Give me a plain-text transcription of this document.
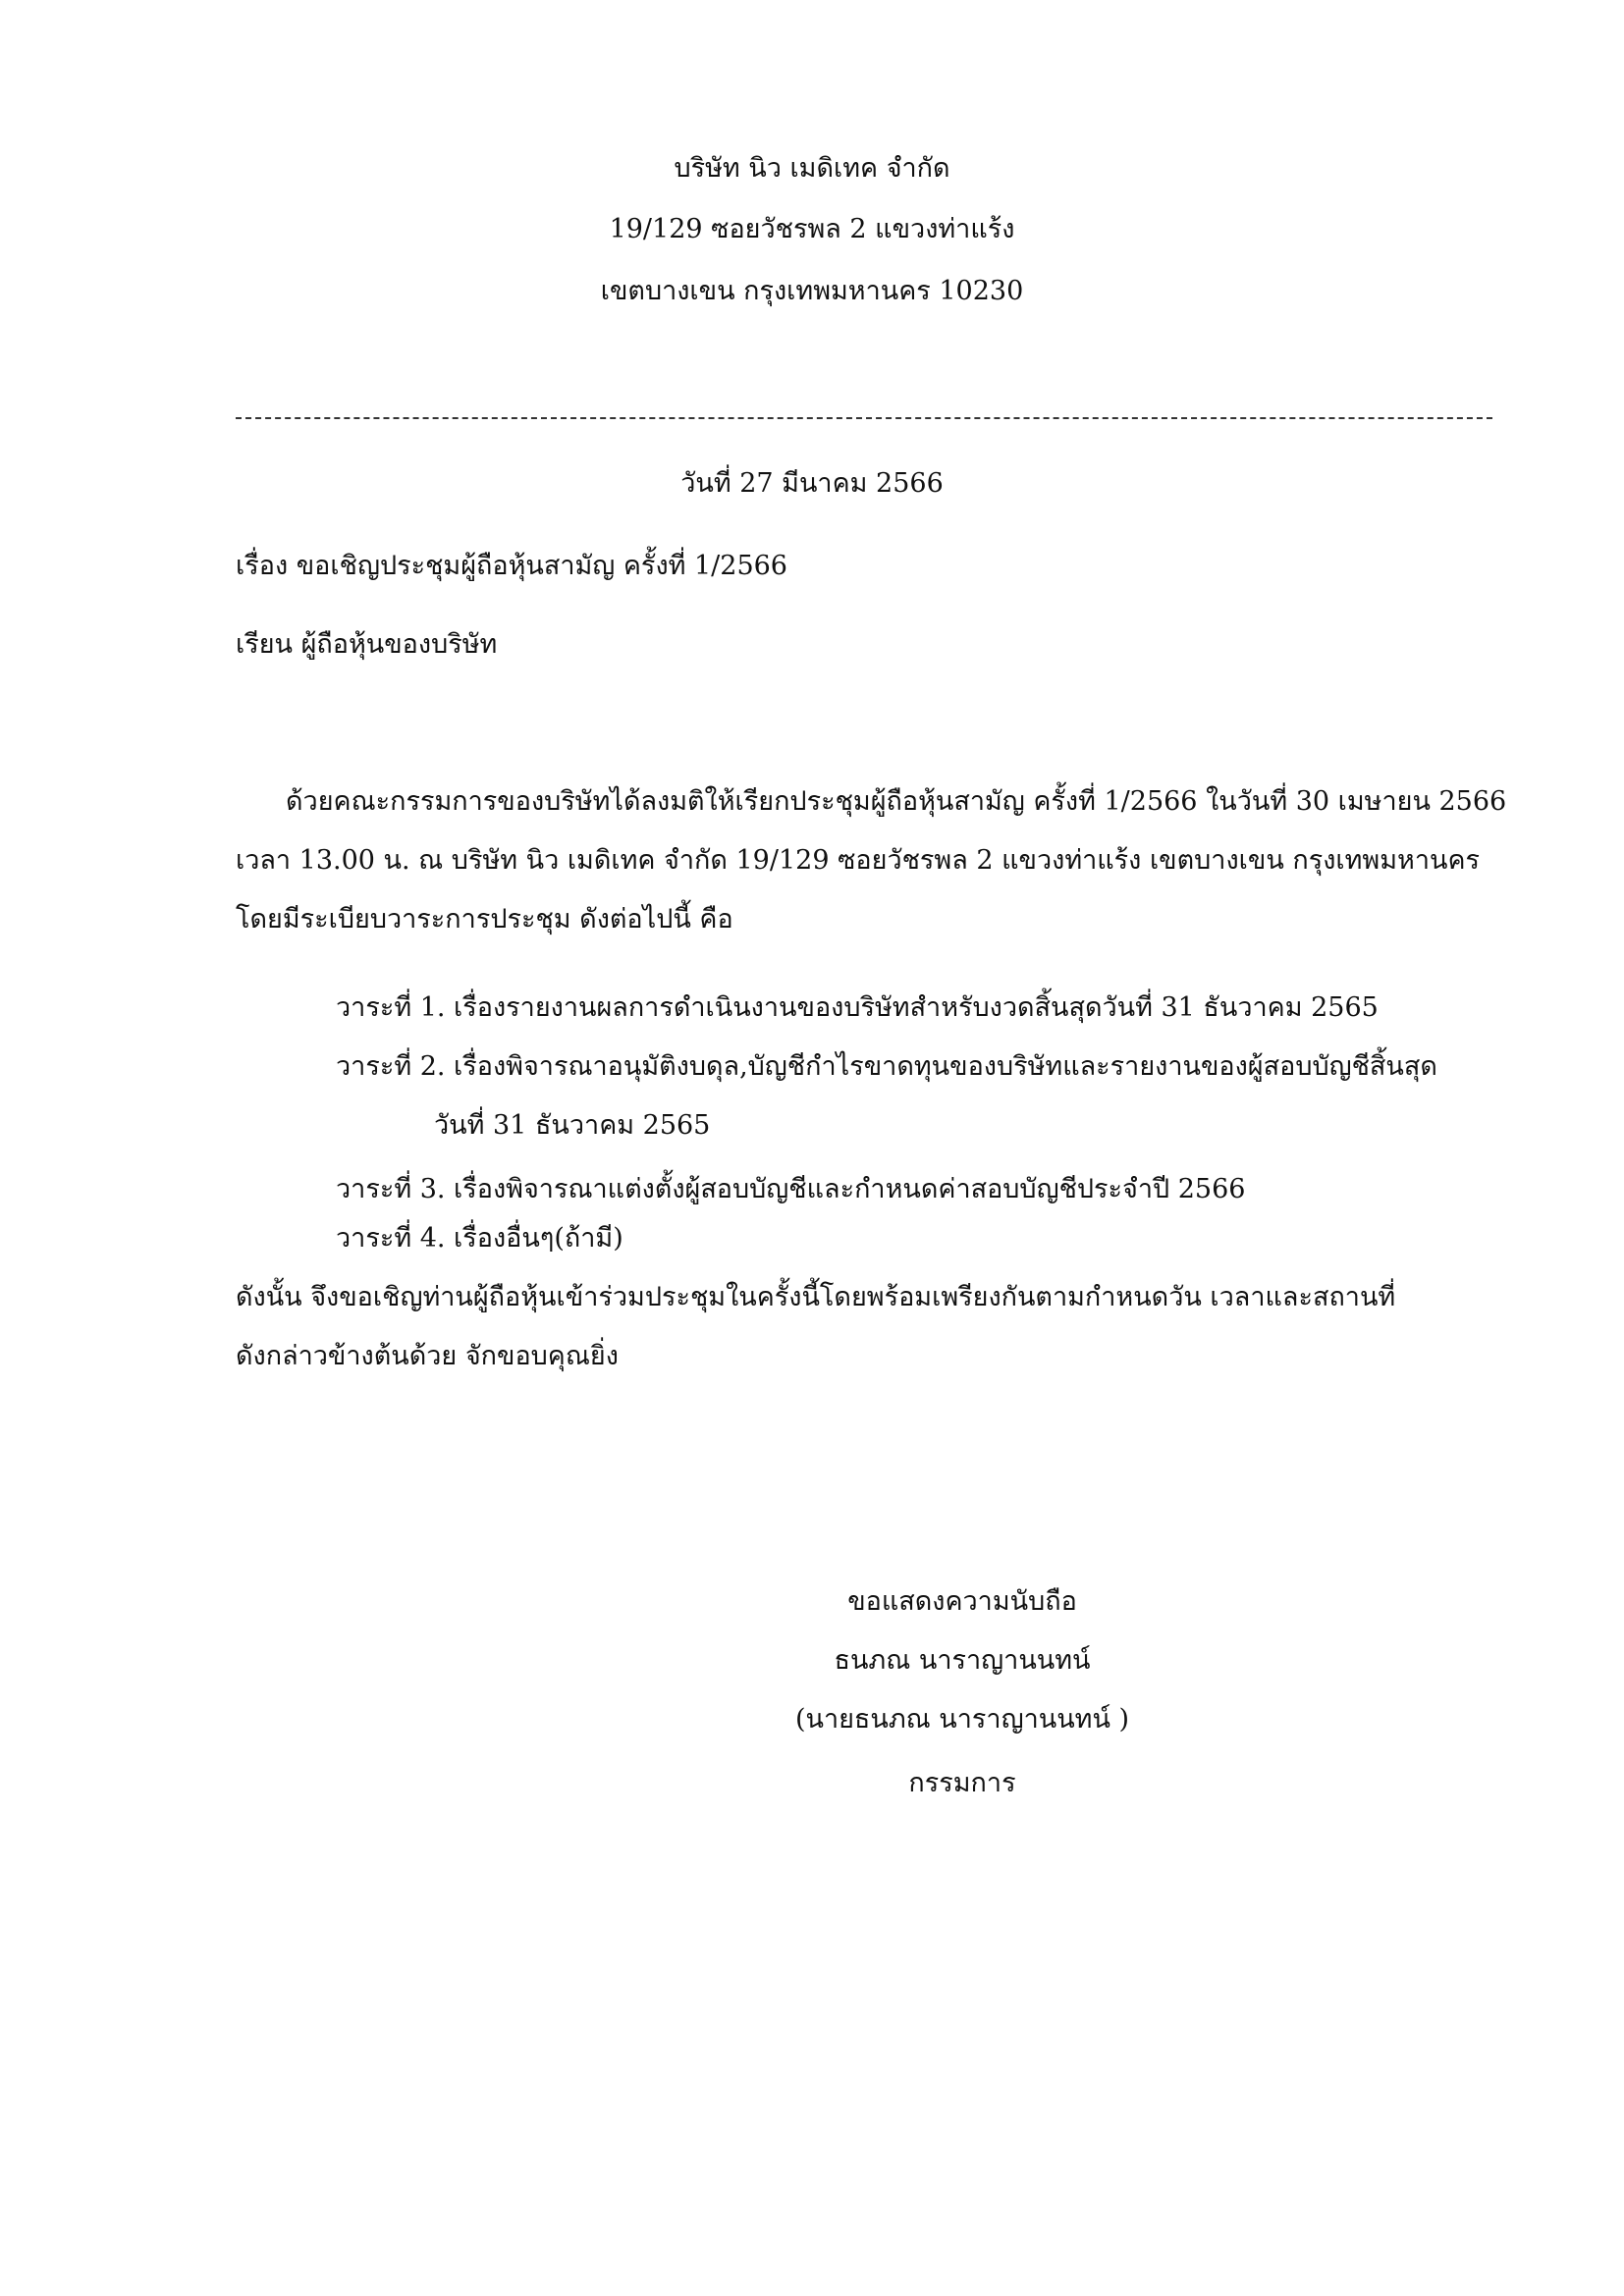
บริษัท นิว เมดิเทค จำกัด
19/129 ซอยวัชรพล 2 แขวงท่าแร้ง
เขตบางเขน กรุงเทพมหานคร 10230
วันที่ 27 มีนาคม 2566
เรื่อง ขอเชิญประชุมผู้ถือหุ้นสามัญ ครั้งที่ 1/2566
เรียน ผู้ถือหุ้นของบริษัท
ด้วยคณะกรรมการของบริษัทได้ลงมติให้เรียกประชุมผู้ถือหุ้นสามัญ ครั้งที่ 1/2566 ในวันที่ 30 เมษายน 2566
เวลา 13.00 น. ณ บริษัท นิว เมดิเทค จำกัด 19/129 ซอยวัชรพล 2 แขวงท่าแร้ง เขตบางเขน กรุงเทพมหานคร
โดยมีระเบียบวาระการประชุม ดังต่อไปนี้ คือ
วาระที่ 1. เรื่องรายงานผลการดำเนินงานของบริษัทสำหรับงวดสิ้นสุดวันที่ 31 ธันวาคม 2565
วาระที่ 2. เรื่องพิจารณาอนุมัติงบดุล,บัญชีกำไรขาดทุนของบริษัทและรายงานของผู้สอบบัญชีสิ้นสุด
วันที่ 31 ธันวาคม 2565
วาระที่ 3. เรื่องพิจารณาแต่งตั้งผู้สอบบัญชีและกำหนดค่าสอบบัญชีประจำปี 2566
วาระที่ 4. เรื่องอื่นๆ(ถ้ามี)
ดังนั้น จึงขอเชิญท่านผู้ถือหุ้นเข้าร่วมประชุมในครั้งนี้โดยพร้อมเพรียงกันตามกำหนดวัน เวลาและสถานที่
ดังกล่าวข้างต้นด้วย จักขอบคุณยิ่ง
ขอแสดงความนับถือ
ธนภณ นาราญานนทน์
(นายธนภณ นาราญานนทน์ )
กรรมการ
